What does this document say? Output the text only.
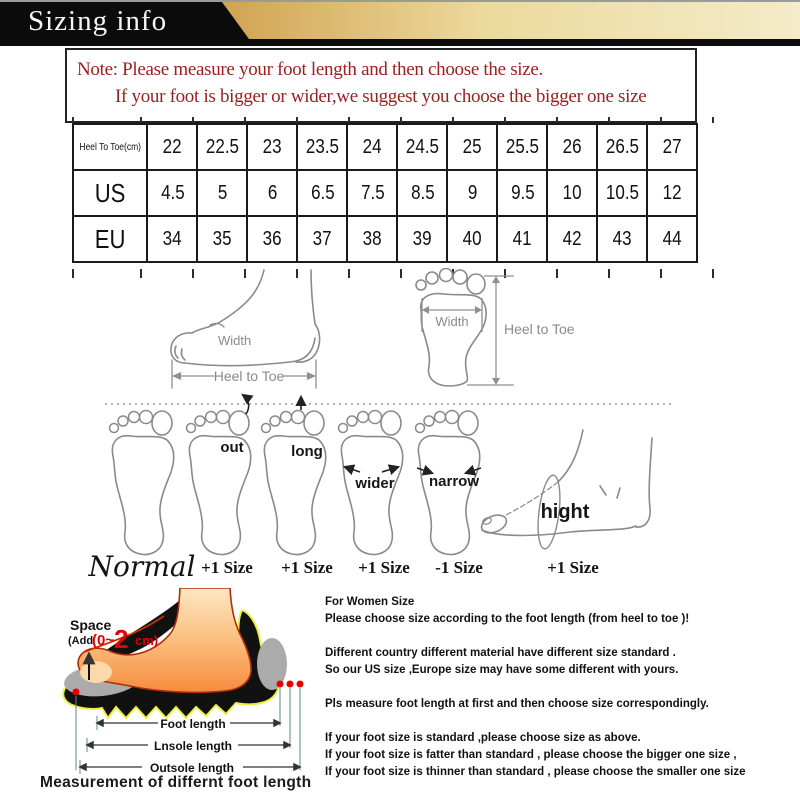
Sizing info
Note: Please measure your foot length and then choose the size.
If your foot is bigger or wider,we suggest you choose the bigger one size
Heel To Toe(cm)	22	22.5	23	23.5	24	24.5	25	25.5	26	26.5	27
US	4.5	5	6	6.5	7.5	8.5	9	9.5	10	10.5	12
EU	34	35	36	37	38	39	40	41	42	43	44
Width
Heel to Toe
Width	Heel to Toe
out	long
wider narrow
hight
Normal +1 Size +1 Size +1 Size -1 Size	+1 Size
Space
(Add
(0~ 2 cm)
Foot length
Lnsole length
Outsole length
Measurement of differnt foot length

For Women Size
Please choose size according to the foot length (from heel to toe )!

Different country different material have different size standard .
So our US size ,Europe size may have some different with yours.

Pls measure foot length at first and then choose size correspondingly.

If your foot size is standard ,please choose size as above.
If your foot size is fatter than standard , please choose the bigger one size ,
If your foot size is thinner than standard , please choose the smaller one size
